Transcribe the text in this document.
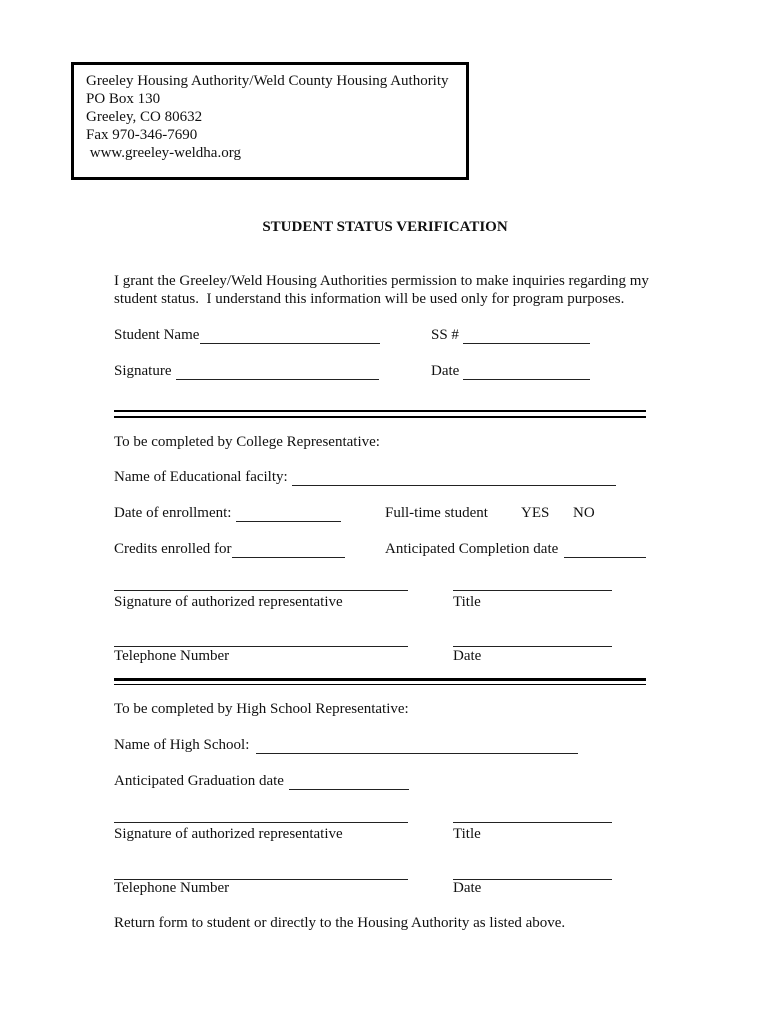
Greeley Housing Authority/Weld County Housing Authority
PO Box 130
Greeley, CO 80632
Fax 970-346-7690
www.greeley-weldha.org
STUDENT STATUS VERIFICATION
I grant the Greeley/Weld Housing Authorities permission to make inquiries regarding my
student status.  I understand this information will be used only for program purposes.
Student Name	SS #
Signature	Date
To be completed by College Representative:
Name of Educational facilty:
Date of enrollment:	Full-time student YES NO
Credits enrolled for	Anticipated Completion date
Signature of authorized representative	Title
Telephone Number	Date
To be completed by High School Representative:
Name of High School:
Anticipated Graduation date
Signature of authorized representative	Title
Telephone Number	Date
Return form to student or directly to the Housing Authority as listed above.
